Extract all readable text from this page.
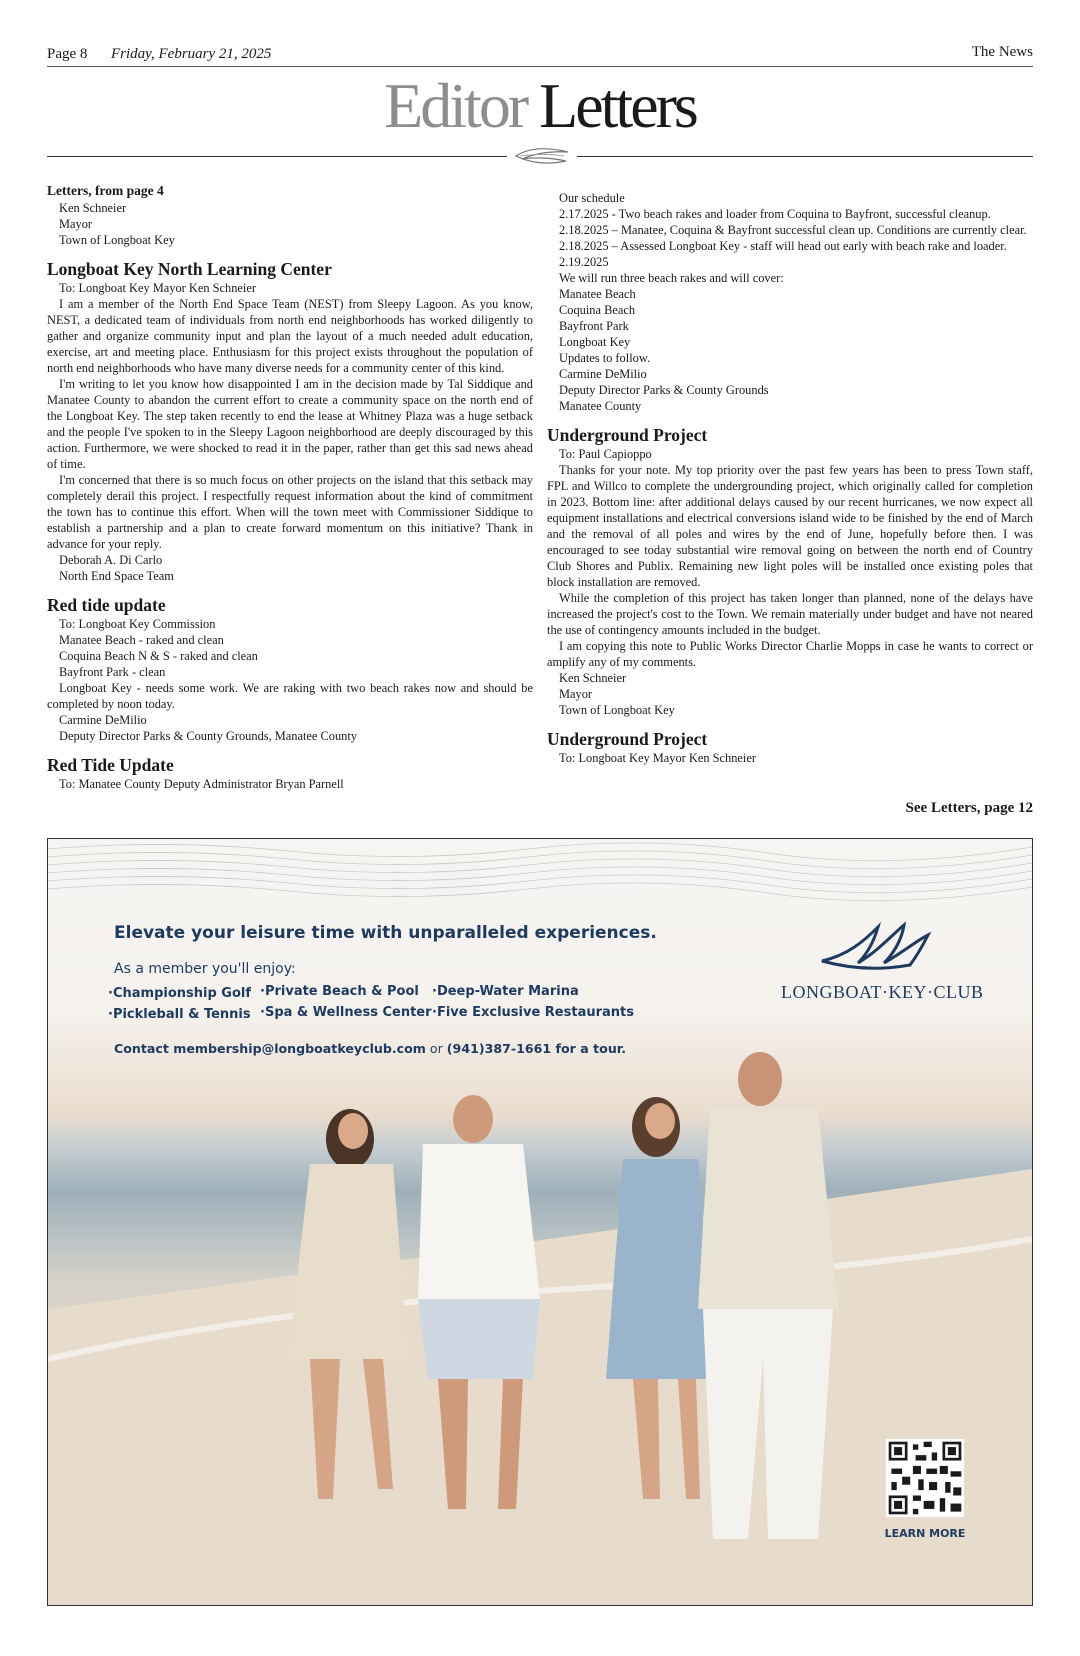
Page 8 Friday, February 21, 2025	The News
Editor Letters
Letters, from page 4
Ken Schneier
Mayor
Town of Longboat Key
Longboat Key North Learning Center
To: Longboat Key Mayor Ken Schneier

I am a member of the North End Space Team (NEST) from Sleepy Lagoon. As you know, NEST, a dedicated team of individuals from north end neighborhoods has worked diligently to gather and organize community input and plan the layout of a much needed adult education, exercise, art and meeting place. Enthusiasm for this project exists throughout the population of north end neighborhoods who have many diverse needs for a community center of this kind.

I'm writing to let you know how disappointed I am in the decision made by Tal Siddique and Manatee County to abandon the current effort to create a community space on the north end of the Longboat Key. The step taken recently to end the lease at Whitney Plaza was a huge setback and the people I've spoken to in the Sleepy Lagoon neighborhood are deeply discouraged by this action. Furthermore, we were shocked to read it in the paper, rather than get this sad news ahead of time.

I'm concerned that there is so much focus on other projects on the island that this setback may completely derail this project. I respectfully request information about the kind of commitment the town has to continue this effort. When will the town meet with Commissioner Siddique to establish a partnership and a plan to create forward momentum on this initiative? Thank in advance for your reply.

Deborah A. Di Carlo
North End Space Team
Red tide update
To: Longboat Key Commission
Manatee Beach - raked and clean
Coquina Beach N & S - raked and clean
Bayfront Park - clean

Longboat Key - needs some work. We are raking with two beach rakes now and should be completed by noon today.

Carmine DeMilio
Deputy Director Parks & County Grounds, Manatee County
Red Tide Update
To: Manatee County Deputy Administrator Bryan Parnell
Our schedule
2.17.2025 - Two beach rakes and loader from Coquina to Bayfront, successful cleanup.

2.18.2025 – Manatee, Coquina & Bayfront successful clean up. Conditions are currently clear.

2.18.2025 – Assessed Longboat Key - staff will head out early with beach rake and loader.
2.19.2025
We will run three beach rakes and will cover:
Manatee Beach
Coquina Beach
Bayfront Park
Longboat Key
Updates to follow.
Carmine DeMilio
Deputy Director Parks & County Grounds
Manatee County
Underground Project
To: Paul Capioppo

Thanks for your note. My top priority over the past few years has been to press Town staff, FPL and Willco to complete the undergrounding project, which originally called for completion in 2023. Bottom line: after additional delays caused by our recent hurricanes, we now expect all equipment installations and electrical conversions island wide to be finished by the end of March and the removal of all poles and wires by the end of June, hopefully before then. I was encouraged to see today substantial wire removal going on between the north end of Country Club Shores and Publix. Remaining new light poles will be installed once existing poles that block installation are removed.

While the completion of this project has taken longer than planned, none of the delays have increased the project's cost to the Town. We remain materially under budget and have not neared the use of contingency amounts included in the budget.

I am copying this note to Public Works Director Charlie Mopps in case he wants to correct or amplify any of my comments.

Ken Schneier
Mayor
Town of Longboat Key
Underground Project
To: Longboat Key Mayor Ken Schneier
See Letters, page 12
Elevate your leisure time with unparalleled experiences.
As a member you'll enjoy:
· Championship Golf
· Pickleball & Tennis
· Private Beach & Pool
· Spa & Wellness Center
· Deep-Water Marina
· Five Exclusive Restaurants
Contact membership@longboatkeyclub.com or (941)387-1661 for a tour.
LONGBOAT·KEY·CLUB
LEARN MORE
